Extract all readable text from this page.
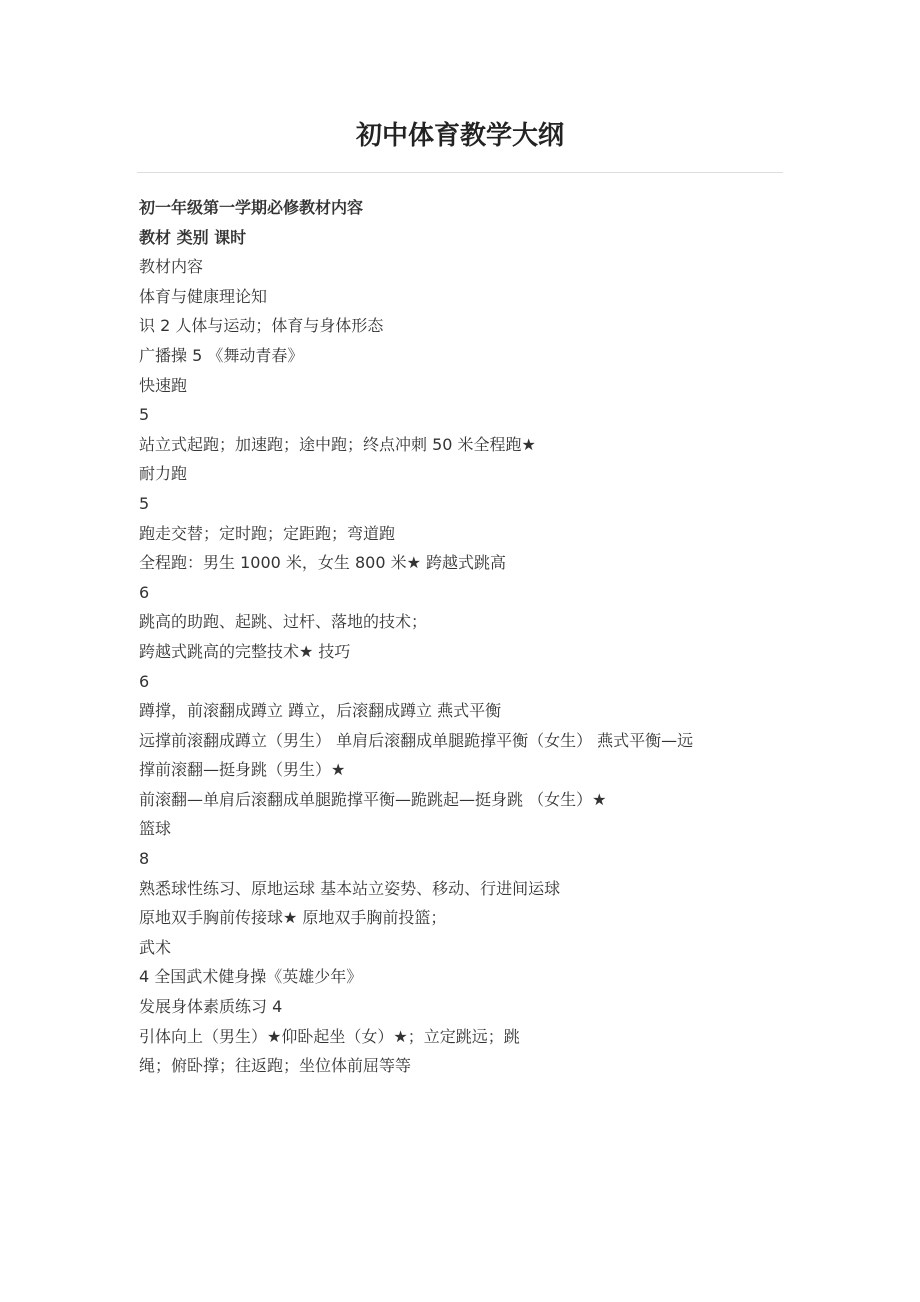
初中体育教学大纲
初一年级第一学期必修教材内容
教材 类别 课时
教材内容
体育与健康理论知
识 2 人体与运动；体育与身体形态
广播操 5 《舞动青春》
快速跑
5
站立式起跑；加速跑；途中跑；终点冲刺 50 米全程跑★
耐力跑
5
跑走交替；定时跑；定距跑；弯道跑
全程跑：男生 1000 米，女生 800 米★ 跨越式跳高
6
跳高的助跑、起跳、过杆、落地的技术；
跨越式跳高的完整技术★ 技巧
6
蹲撑，前滚翻成蹲立 蹲立，后滚翻成蹲立 燕式平衡
远撑前滚翻成蹲立（男生） 单肩后滚翻成单腿跪撑平衡（女生） 燕式平衡—远
撑前滚翻—挺身跳（男生）★
前滚翻—单肩后滚翻成单腿跪撑平衡—跪跳起—挺身跳 （女生）★
篮球
8
熟悉球性练习、原地运球 基本站立姿势、移动、行进间运球
原地双手胸前传接球★ 原地双手胸前投篮；
武术
4 全国武术健身操《英雄少年》
发展身体素质练习 4
引体向上（男生）★仰卧起坐（女）★；立定跳远；跳
绳；俯卧撑；往返跑；坐位体前屈等等
